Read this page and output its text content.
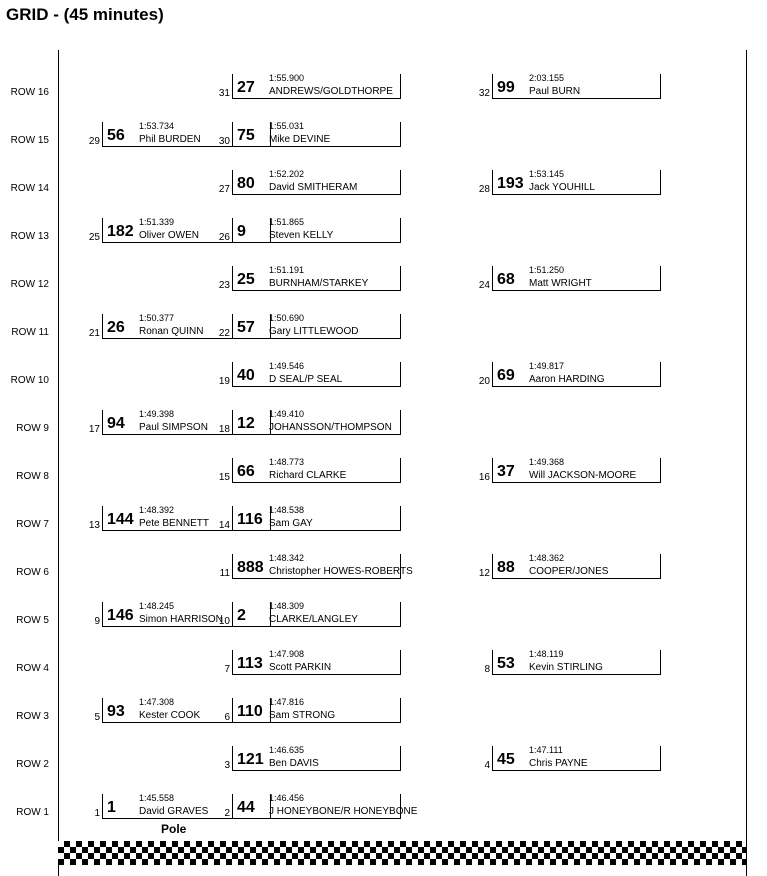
GRID - (45 minutes)
ROW 16	31 27
1:55.900
ANDREWS/GOLDTHORPE	32 99
2:03.155
Paul BURN
ROW 15	29 56
1:53.734
Phil BURDEN 30 75
1:55.031
Mike DEVINE
ROW 14	27 80
1:52.202
David SMITHERAM	28 193
1:53.145
Jack YOUHILL
ROW 13	25 182
1:51.339
Oliver OWEN 26 9
1:51.865
Steven KELLY
ROW 12	23 25
1:51.191
BURNHAM/STARKEY	24 68
1:51.250
Matt WRIGHT
ROW 11	21 26
1:50.377
Ronan QUINN 22 57
1:50.690
Gary LITTLEWOOD
ROW 10	19 40
1:49.546
D SEAL/P SEAL	20 69
1:49.817
Aaron HARDING
ROW 9	17 94
1:49.398
Paul SIMPSON 18 12
1:49.410
JOHANSSON/THOMPSON
ROW 8	15 66
1:48.773
Richard CLARKE	16 37
1:49.368
Will JACKSON-MOORE
ROW 7	13 144
1:48.392
Pete BENNETT 14 116
1:48.538
Sam GAY
ROW 6	11 888
1:48.342
Christopher HOWES-ROBERTS	12 88
1:48.362
COOPER/JONES
ROW 5	9 146
1:48.245
Simon HARRISON
10 2
1:48.309
CLARKE/LANGLEY
ROW 4	7 113
1:47.908
Scott PARKIN	8 53
1:48.119
Kevin STIRLING
ROW 3	5 93
1:47.308
Kester COOK 6 110
1:47.816
Sam STRONG
ROW 2	3 121
1:46.635
Ben DAVIS	4 45
1:47.111
Chris PAYNE
ROW 1	1 1
1:45.558
David GRAVES 2 44
1:46.456
J HONEYBONE/R HONEYBONE
Pole
